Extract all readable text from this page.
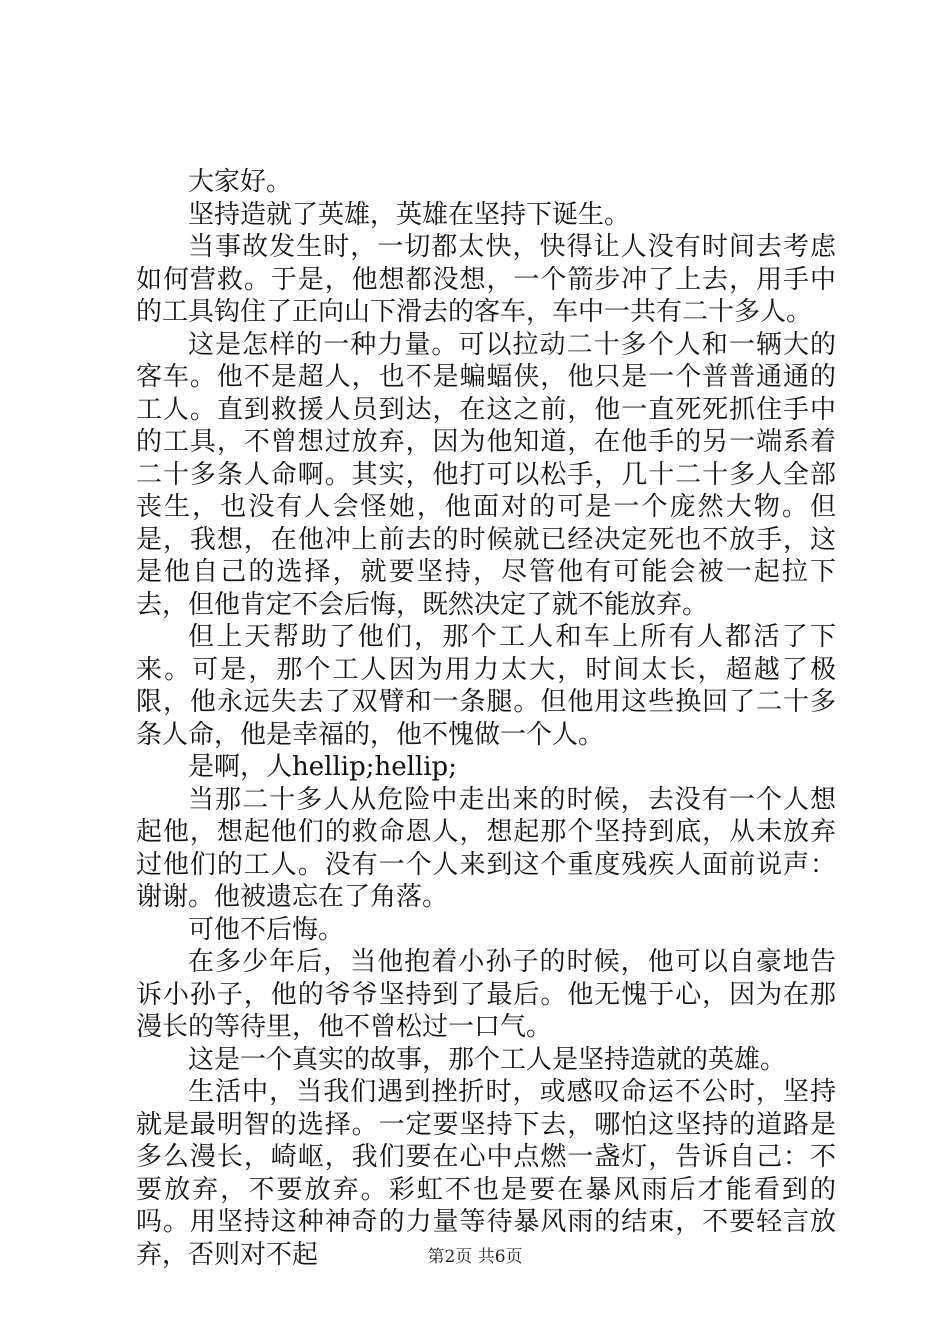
大家好。

坚持造就了英雄，英雄在坚持下诞生。

当事故发生时，一切都太快，快得让人没有时间去考虑如何营救。于是，他想都没想，一个箭步冲了上去，用手中的工具钩住了正向山下滑去的客车，车中一共有二十多人。

这是怎样的一种力量。可以拉动二十多个人和一辆大的客车。他不是超人，也不是蝙蝠侠，他只是一个普普通通的工人。直到救援人员到达，在这之前，他一直死死抓住手中的工具，不曾想过放弃，因为他知道，在他手的另一端系着二十多条人命啊。其实，他打可以松手，几十二十多人全部丧生，也没有人会怪她，他面对的可是一个庞然大物。但是，我想，在他冲上前去的时候就已经决定死也不放手，这是他自己的选择，就要坚持，尽管他有可能会被一起拉下去，但他肯定不会后悔，既然决定了就不能放弃。

但上天帮助了他们，那个工人和车上所有人都活了下来。可是，那个工人因为用力太大，时间太长，超越了极限，他永远失去了双臂和一条腿。但他用这些换回了二十多条人命，他是幸福的，他不愧做一个人。

是啊，人hellip;hellip;

当那二十多人从危险中走出来的时候，去没有一个人想起他，想起他们的救命恩人，想起那个坚持到底，从未放弃过他们的工人。没有一个人来到这个重度残疾人面前说声：谢谢。他被遗忘在了角落。

可他不后悔。

在多少年后，当他抱着小孙子的时候，他可以自豪地告诉小孙子，他的爷爷坚持到了最后。他无愧于心，因为在那漫长的等待里，他不曾松过一口气。

这是一个真实的故事，那个工人是坚持造就的英雄。

生活中，当我们遇到挫折时，或感叹命运不公时，坚持就是最明智的选择。一定要坚持下去，哪怕这坚持的道路是多么漫长，崎岖，我们要在心中点燃一盏灯，告诉自己：不要放弃，不要放弃。彩虹不也是要在暴风雨后才能看到的吗。用坚持这种神奇的力量等待暴风雨的结束，不要轻言放弃，否则对不起	第2页 共6页
